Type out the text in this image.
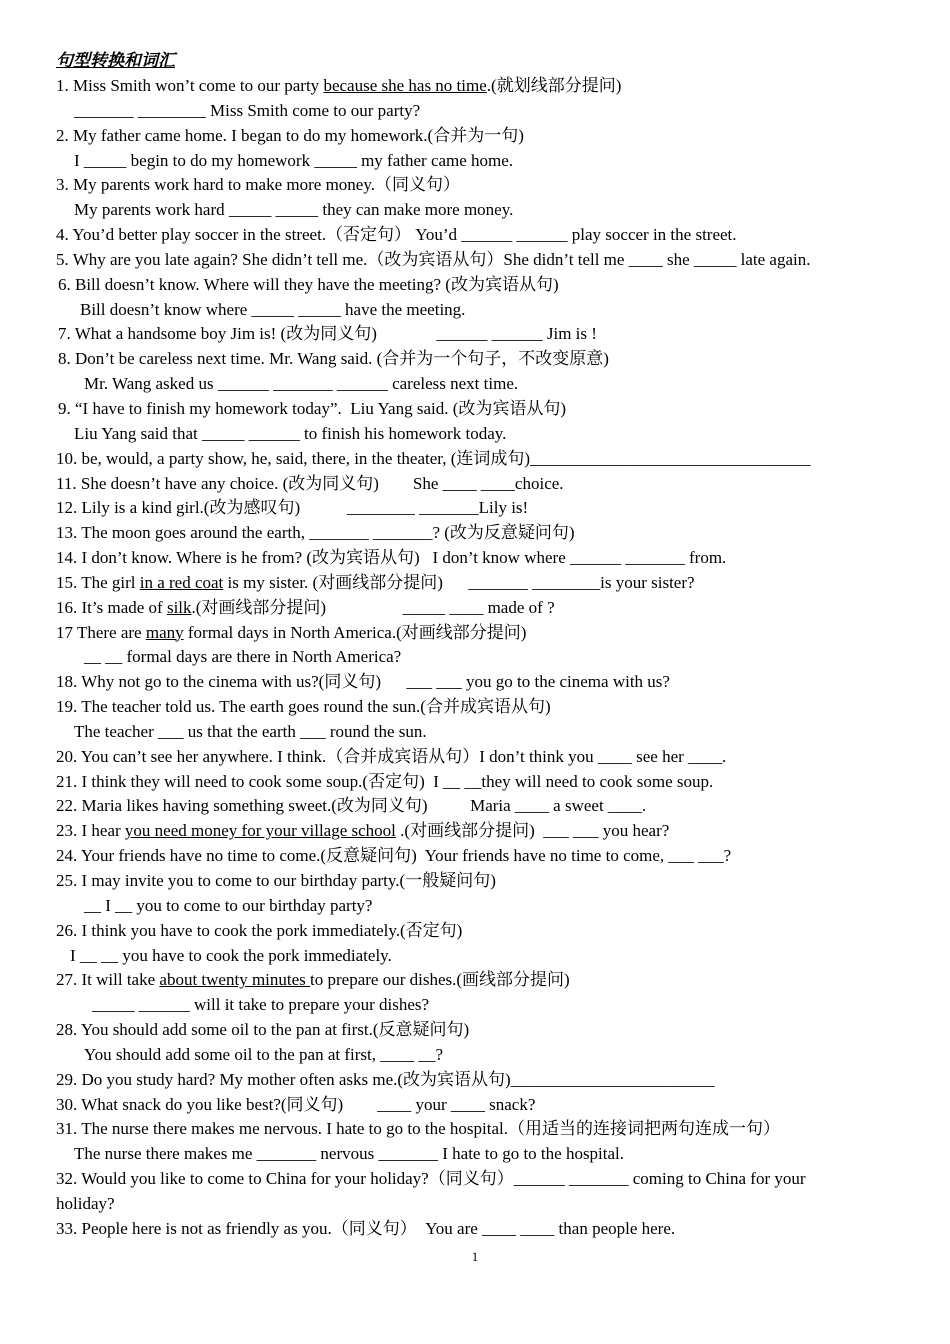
句型转换和词汇
1. Miss Smith won’t come to our party because she has no time.(就划线部分提问)
_______ ________ Miss Smith come to our party?
2. My father came home. I began to do my homework.(合并为一句)
I _____ begin to do my homework _____ my father came home.
3. My parents work hard to make more money.（同义句）
My parents work hard _____ _____ they can make more money.
4. You’d better play soccer in the street.（否定句） You’d ______ ______ play soccer in the street.
5. Why are you late again? She didn’t tell me.（改为宾语从句）She didn’t tell me ____ she _____ late again.
6. Bill doesn’t know. Where will they have the meeting? (改为宾语从句)
Bill doesn’t know where _____ _____ have the meeting.
7. What a handsome boy Jim is! (改为同义句)              ______ ______ Jim is !
8. Don’t be careless next time. Mr. Wang said. (合并为一个句子，不改变原意)
Mr. Wang asked us ______ _______ ______ careless next time.
9. “I have to finish my homework today”.  Liu Yang said. (改为宾语从句)
Liu Yang said that _____ ______ to finish his homework today.
10. be, would, a party show, he, said, there, in the theater, (连词成句)_________________________________
11. She doesn’t have any choice. (改为同义句)        She ____ ____choice.
12. Lily is a kind girl.(改为感叹句)           ________ _______Lily is!
13. The moon goes around the earth, _______ _______? (改为反意疑问句)
14. I don’t know. Where is he from? (改为宾语从句)   I don’t know where ______ _______ from.
15. The girl in a red coat is my sister. (对画线部分提问)      _______ ________is your sister?
16. It’s made of silk.(对画线部分提问)                  _____ ____ made of ?
17 There are many formal days in North America.(对画线部分提问)
__ __ formal days are there in North America?
18. Why not go to the cinema with us?(同义句)      ___ ___ you go to the cinema with us?
19. The teacher told us. The earth goes round the sun.(合并成宾语从句)
The teacher ___ us that the earth ___ round the sun.
20. You can’t see her anywhere. I think.（合并成宾语从句）I don’t think you ____ see her ____.
21. I think they will need to cook some soup.(否定句)  I __ __they will need to cook some soup.
22. Maria likes having something sweet.(改为同义句)          Maria ____ a sweet ____.
23. I hear you need money for your village school .(对画线部分提问)  ___ ___ you hear?
24. Your friends have no time to come.(反意疑问句)  Your friends have no time to come, ___ ___?
25. I may invite you to come to our birthday party.(一般疑问句)
__ I __ you to come to our birthday party?
26. I think you have to cook the pork immediately.(否定句)
I __ __ you have to cook the pork immediately.
27. It will take about twenty minutes to prepare our dishes.(画线部分提问)
_____ ______ will it take to prepare your dishes?
28. You should add some oil to the pan at first.(反意疑问句)
You should add some oil to the pan at first, ____ __?
29. Do you study hard? My mother often asks me.(改为宾语从句)________________________
30. What snack do you like best?(同义句)        ____ your ____ snack?
31. The nurse there makes me nervous. I hate to go to the hospital.（用适当的连接词把两句连成一句）
The nurse there makes me _______ nervous _______ I hate to go to the hospital.
32. Would you like to come to China for your holiday?（同义句）______ _______ coming to China for your
holiday?
33. People here is not as friendly as you.（同义句）  You are ____ ____ than people here.
1
